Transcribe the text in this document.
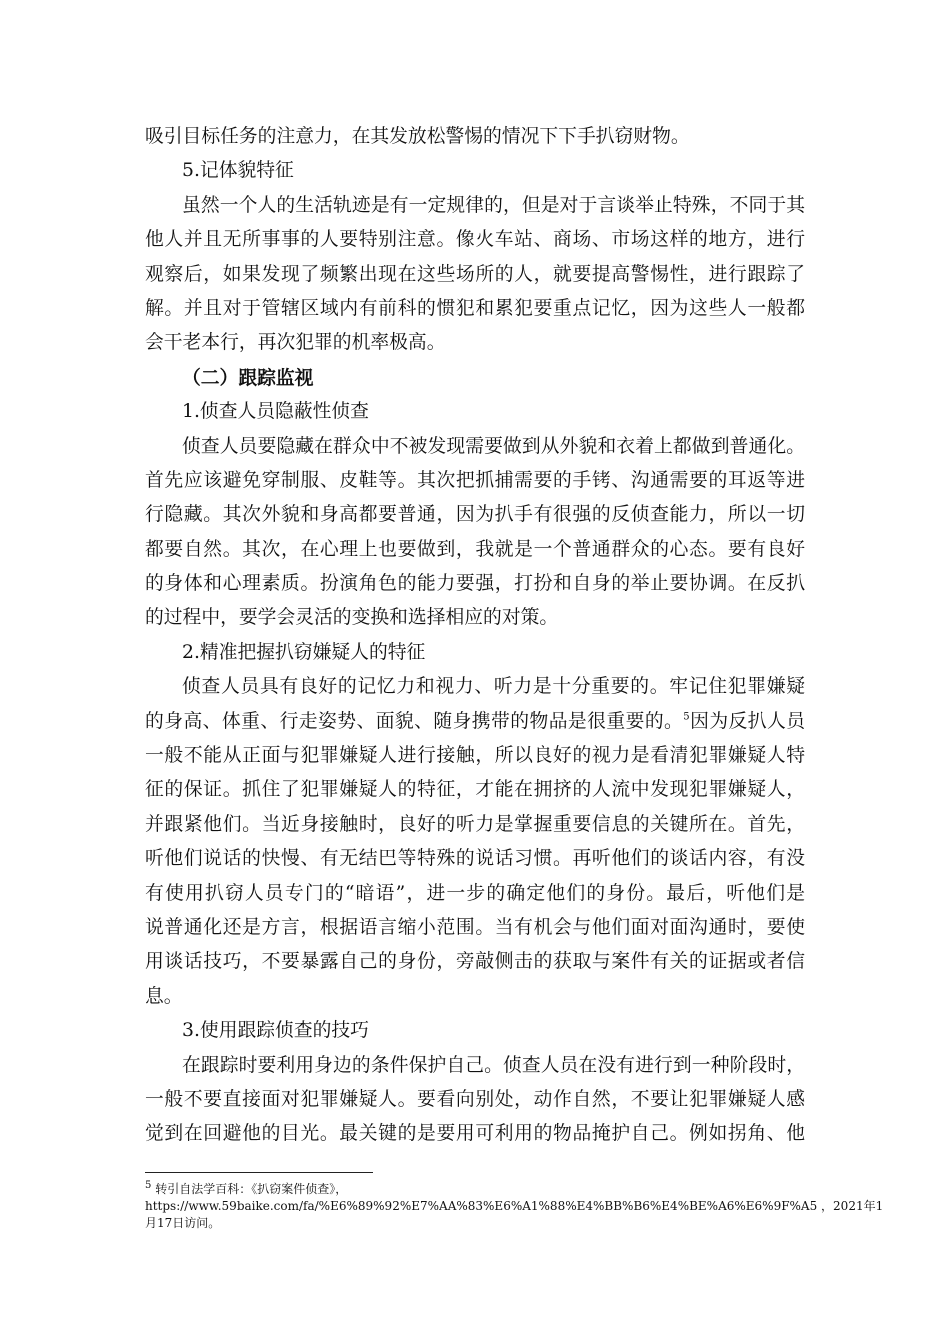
吸引目标任务的注意力，在其发放松警惕的情况下下手扒窃财物。
5.记体貌特征
虽然一个人的生活轨迹是有一定规律的，但是对于言谈举止特殊，不同于其
他人并且无所事事的人要特别注意。像火车站、商场、市场这样的地方，进行
观察后，如果发现了频繁出现在这些场所的人，就要提高警惕性，进行跟踪了
解。并且对于管辖区域内有前科的惯犯和累犯要重点记忆，因为这些人一般都
会干老本行，再次犯罪的机率极高。
（二）跟踪监视
1.侦查人员隐蔽性侦查
侦查人员要隐藏在群众中不被发现需要做到从外貌和衣着上都做到普通化。
首先应该避免穿制服、皮鞋等。其次把抓捕需要的手铐、沟通需要的耳返等进
行隐藏。其次外貌和身高都要普通，因为扒手有很强的反侦查能力，所以一切
都要自然。其次，在心理上也要做到，我就是一个普通群众的心态。要有良好
的身体和心理素质。扮演角色的能力要强，打扮和自身的举止要协调。在反扒
的过程中，要学会灵活的变换和选择相应的对策。
2.精准把握扒窃嫌疑人的特征
侦查人员具有良好的记忆力和视力、听力是十分重要的。牢记住犯罪嫌疑
的身高、体重、行走姿势、面貌、随身携带的物品是很重要的。$^5$因为反扒人员
一般不能从正面与犯罪嫌疑人进行接触，所以良好的视力是看清犯罪嫌疑人特
征的保证。抓住了犯罪嫌疑人的特征，才能在拥挤的人流中发现犯罪嫌疑人，
并跟紧他们。当近身接触时，良好的听力是掌握重要信息的关键所在。首先，
听他们说话的快慢、有无结巴等特殊的说话习惯。再听他们的谈话内容，有没
有使用扒窃人员专门的“暗语”，进一步的确定他们的身份。最后，听他们是
说普通化还是方言，根据语言缩小范围。当有机会与他们面对面沟通时，要使
用谈话技巧，不要暴露自己的身份，旁敲侧击的获取与案件有关的证据或者信
息。
3.使用跟踪侦查的技巧
在跟踪时要利用身边的条件保护自己。侦查人员在没有进行到一种阶段时，
一般不要直接面对犯罪嫌疑人。要看向别处，动作自然，不要让犯罪嫌疑人感
觉到在回避他的目光。最关键的是要用可利用的物品掩护自己。例如拐角、他
$^5$ 转引自法学百科：《扒窃案件侦查》，
https://www.59baike.com/fa/%E6%89%92%E7%AA%83%E6%A1%88%E4%BB%B6%E4%BE%A6%E6%9F%A5 ，2021年1
月17日访问。
